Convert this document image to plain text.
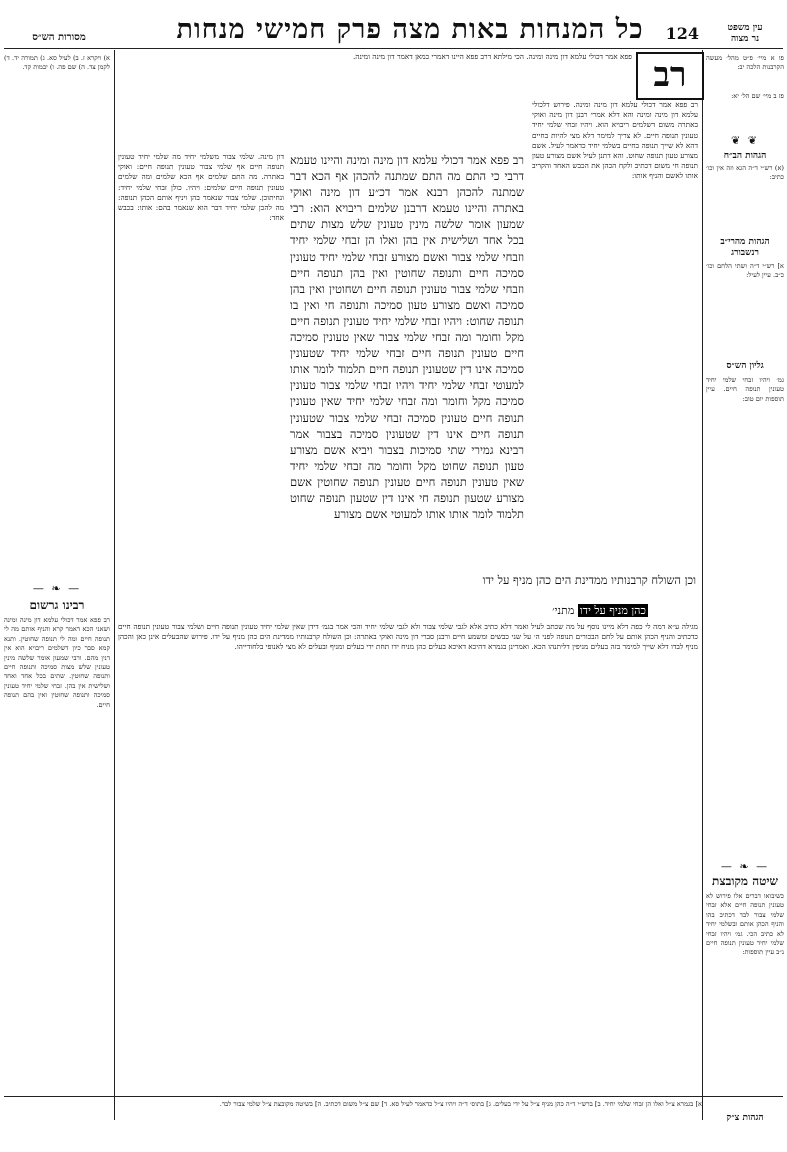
כל המנחות באות מצה פרק חמישי מנחות	124
מסורות הש״ס
עין משפט
נר מצוה
פו א מיי׳ פ״ט מהל׳ מעשה הקרבנות הלכה יב:
פז ב מיי׳ שם הל׳ יא:
❦ ❦
הגהות הב״ח
(א) רש״י ד״ה הגא וזה אין וכו׳ כתיב:
הגהות מהרי״ב רנשבורג
א] רש״י ד״ה ושתי הלחם וכו׳ כ״ב. עיין לעיל:
גליון הש״ס
גמ׳ ויהיו זבחי שלמי יחיד טעונין תנופה חיים. עיין תוספות יום טוב:
רב
פפא אמר דכולי עלמא דון מינה ומינה. הכי מילתא דרב פפא היינו דאמרי כמאן דאמר דון מינה ומינה.
רב פפא אמר דכולי עלמא דון מינה ומינה. פירוש דלכולי עלמא דון מינה ומינה והא דלא אמרי רבנן דון מינה ואוקי באתרה משום דשלמים ריבויא הוא. ויהיו זבחי שלמי יחיד טעונין תנופה חיים. לא צריך למימר דלא מצי להיות בחיים דהא לא שייך תנופה בחיים בשלמי יחיד כדאמר לעיל. אשם מצורע טעון תנופה שחוט. והא דתנן לעיל אשם מצורע טעון תנופה חי משום דכתיב ולקח הכהן את הכבש האחד והקריב אותו לאשם והניף אותו:
רב פפא אמר דכולי עלמא דון מינה ומינה והיינו טעמא דרבי כי התם מה התם שמתנה להכהן אף הכא דבר שמתנה להכהן רבנא אמר דכ״ע דון מינה ואוקי באתרה והיינו טעמא דרבנן שלמים ריבויא הוא: רבי שמעון אומר שלשה מינין טעונין שלש מצות שתים בכל אחד ושלישית אין בהן ואלו הן זבחי שלמי יחיד וזבחי שלמי צבור ואשם מצורע זבחי שלמי יחיד טעונין סמיכה חיים ותנופה שחוטין ואין בהן תנופה חיים וזבחי שלמי צבור טעונין תנופה חיים ושחוטין ואין בהן סמיכה ואשם מצורע טעון סמיכה ותנופה חי ואין בו תנופה שחוט: ויהיו זבחי שלמי יחיד טעונין תנופה חיים מקל וחומר ומה זבחי שלמי צבור שאין טעונין סמיכה חיים טעונין תנופה חיים זבחי שלמי יחיד שטעונין סמיכה אינו דין שטעונין תנופה חיים תלמוד לומר אותו למעוטי זבחי שלמי יחיד ויהיו זבחי שלמי צבור טעונין סמיכה מקל וחומר ומה זבחי שלמי יחיד שאין טעונין תנופה חיים טעונין סמיכה זבחי שלמי צבור שטעונין תנופה חיים אינו דין שטעונין סמיכה בצבור אמר רבינא גמירי שתי סמיכות בצבור ויביא אשם מצורע טעון תנופה שחוט מקל וחומר מה זבחי שלמי יחיד שאין טעונין תנופה חיים טעונין תנופה שחוטין אשם מצורע שטעון תנופה חי אינו דין שטעון תנופה שחוט תלמוד לומר אותו אותו למעוטי אשם מצורע
וכן השולח קרבנותיו ממדינת הים כהן מניף על ידו
כהן מניף על ידו מתני׳
דון מינה. שלמי צבור משלמי יחיד מה שלמי יחיד טעונין תנופה חיים אף שלמי צבור טעונין תנופה חיים: ואוקי באתרה. מה התם שלמים אף הכא שלמים ומה שלמים טעונין תנופה חיים שלמים: ויהיו. כולן זבחי שלמי יחיד: ונחיתוכן. שלמי צבור שנאמר בהן ויניף אותם הכהן תנופה: מה להכן שלמי יחיד דבר הוא שנאמר בהם: אותו: בכבש אחד:
א) ויקרא ז. ב) לעיל סא. ג) תמורה יד. ד) לקמן צד. ה) שם פה. ו) יבמות קד.
— ❧ —
רבינו גרשום
רב פפא אמר דכולי עלמא דון מינה ומינה ושאני הכא דאמר קרא והניף אותם מה לי תנופה חיים ומה לי תנופה שחוטין. ותנא קמא סבר כיון דשלמים ריבויא הוא אין דנין מהם. ורבי שמעון אומר שלשה מינין טעונין שלש מצות סמיכה ותנופה חיים ותנופה שחוטין. שתים בכל אחד ואחד ושלישית אין בהן. זבחי שלמי יחיד טעונין סמיכה ותנופה שחוטין ואין בהם תנופה חיים.
— ❧ —
שיטה מקובצת
כשיבואו דברים אלו פירוש לא טעונין תנופה חיים אלא זבחי שלמי צבור לבד דכתיב בהו והניף הכהן אותם ובשלמי יחיד לא כתיב הכי. גמ׳ ויהיו זבחי שלמי יחיד טעונין תנופה חיים נ״ב עיין תוספות:
מגילה ע״א דמה לי כפה דלא מיינו נוסף על מה שכתב לעיל ואמר דלא כתיב אלא לגבי שלמי צבור ולא לגבי שלמי יחיד והכי אמר בגמ׳ דידן שאין שלמי יחיד טעונין תנופה חיים ושלמי צבור טעונין תנופה חיים כדכתיב והניף הכהן אותם על לחם הבכורים תנופה לפני ה׳ על שני כבשים ומשמע חיים ורבנן סברי דון מינה ואוקי באתרה: וכן השולח קרבנותיו ממדינת הים כהן מניף על ידו. פירוש שהבעלים אינן כאן והכהן מניף לבדו דלא שייך למימר בזה בעלים מניפין דליתנהו הכא. ואמרינן בגמרא דהיכא דאיכא בעלים כהן מניח ידו תחת ידי בעלים ומניף ובעלים לא מצי לאנופי בלחודייהו.
הגהות צ״ק
א] בגמרא צ״ל ואלו הן זבחי שלמי יחיד. ב] ברש״י ד״ה כהן מניף צ״ל על ידי בעלים. ג] בתוס׳ ד״ה ויהיו צ״ל כדאמר לעיל סא. ד] שם צ״ל משום דכתיב. ה] בשיטה מקובצת צ״ל שלמי צבור לבד.
